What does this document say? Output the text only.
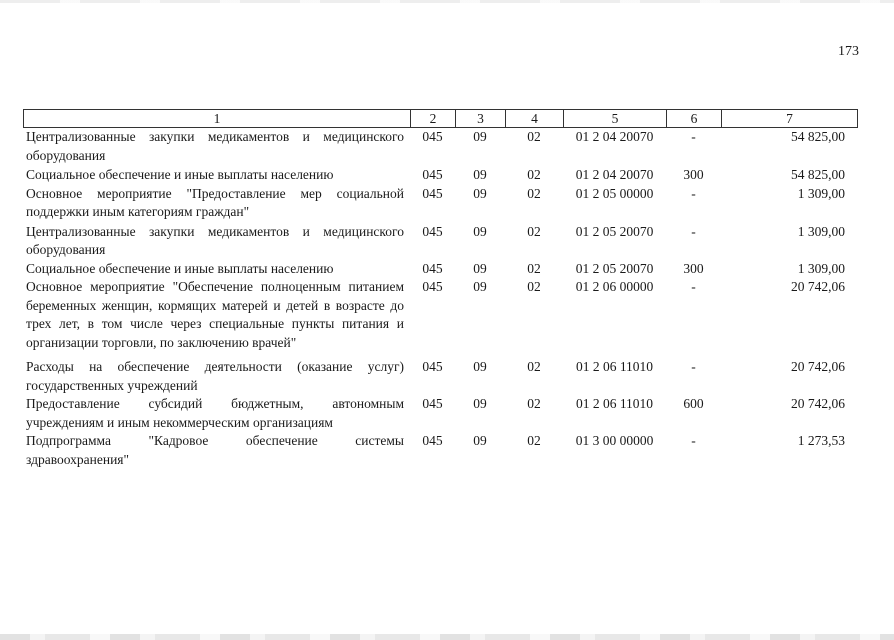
173
1	2	3	4	5	6	7
Централизованные закупки медикаментов и медицинского оборудования	045	09	02	01 2 04 20070	-	54 825,00
Социальное обеспечение и иные выплаты населению	045	09	02	01 2 04 20070	300	54 825,00
Основное мероприятие "Предоставление мер социальной поддержки иным категориям граждан"	045	09	02	01 2 05 00000	-	1 309,00
Централизованные закупки медикаментов и медицинского оборудования	045	09	02	01 2 05 20070	-	1 309,00
Социальное обеспечение и иные выплаты населению	045	09	02	01 2 05 20070	300	1 309,00
Основное мероприятие "Обеспечение полноценным питанием беременных женщин, кормящих матерей и детей в возрасте до трех лет, в том числе через специальные пункты питания и организации торговли, по заключению врачей"	045	09	02	01 2 06 00000	-	20 742,06
Расходы на обеспечение деятельности (оказание услуг) государственных учреждений	045	09	02	01 2 06 11010	-	20 742,06
Предоставление субсидий бюджетным, автономным учреждениям и иным некоммерческим организациям	045	09	02	01 2 06 11010	600	20 742,06
Подпрограмма "Кадровое обеспечение системы здравоохранения"	045	09	02	01 3 00 00000	-	1 273,53
